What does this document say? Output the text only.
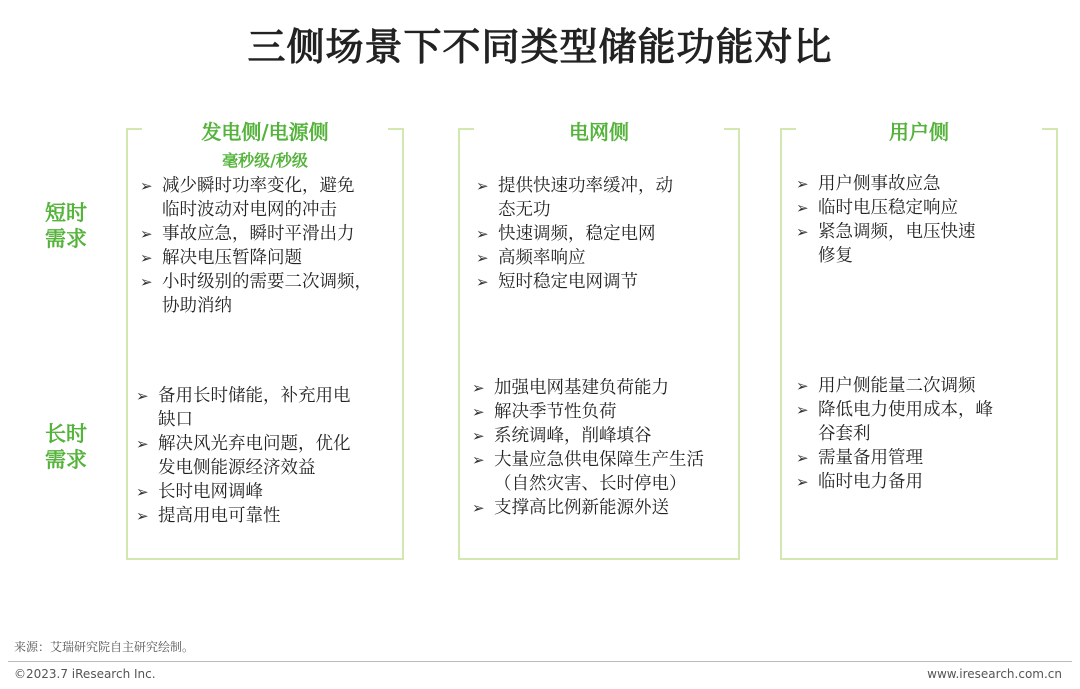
三侧场景下不同类型储能功能对比
短时
需求
长时
需求
发电侧/电源侧
毫秒级/秒级
➢ 减少瞬时功率变化，避免
临时波动对电网的冲击
➢ 事故应急，瞬时平滑出力
➢ 解决电压暂降问题
➢ 小时级别的需要二次调频，
协助消纳
➢ 备用长时储能，补充用电
缺口
➢ 解决风光弃电问题，优化
发电侧能源经济效益
➢ 长时电网调峰
➢ 提高用电可靠性
电网侧
➢ 提供快速功率缓冲，动
态无功
➢ 快速调频，稳定电网
➢ 高频率响应
➢ 短时稳定电网调节
➢ 加强电网基建负荷能力
➢ 解决季节性负荷
➢ 系统调峰，削峰填谷
➢ 大量应急供电保障生产生活
（自然灾害、长时停电）
➢ 支撑高比例新能源外送
用户侧
➢ 用户侧事故应急
➢ 临时电压稳定响应
➢ 紧急调频，电压快速
修复
➢ 用户侧能量二次调频
➢ 降低电力使用成本，峰
谷套利
➢ 需量备用管理
➢ 临时电力备用
来源：艾瑞研究院自主研究绘制。
©2023.7 iResearch Inc.	www.iresearch.com.cn
